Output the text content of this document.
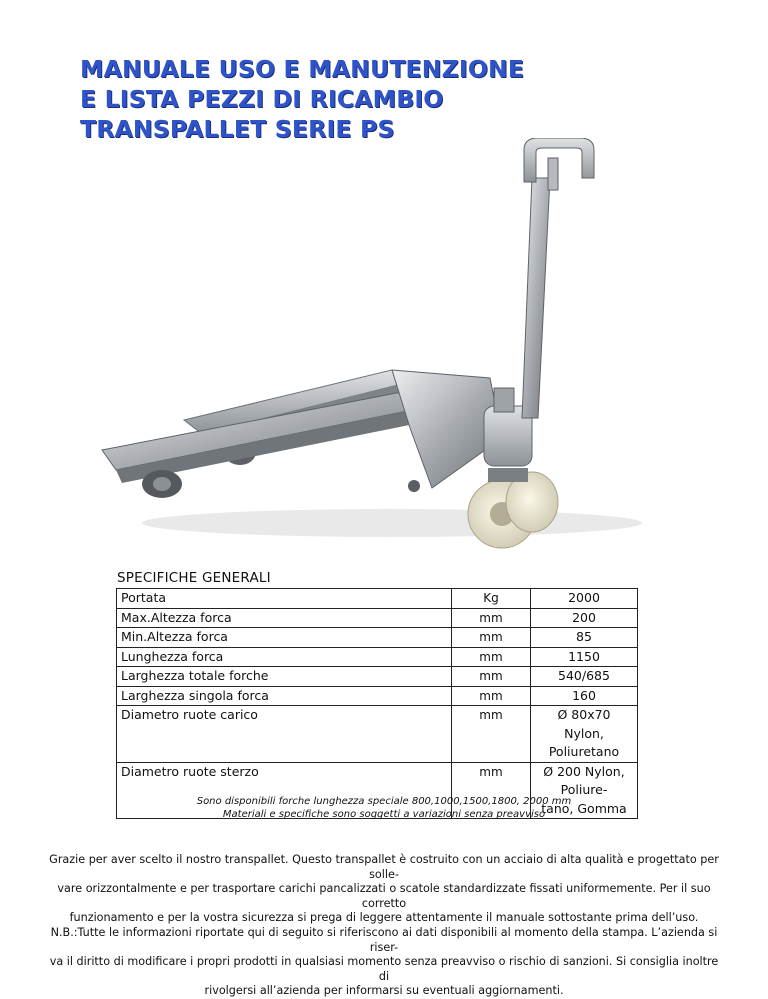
MANUALE USO E MANUTENZIONE
E LISTA PEZZI DI RICAMBIO
TRANSPALLET SERIE PS
SPECIFICHE GENERALI
Portata		Kg	2000
Max.Altezza forca		mm	200
Min.Altezza forca		mm	85
Lunghezza forca		mm	1150
Larghezza totale forche		mm	540/685
Larghezza singola forca		mm	160
Diametro ruote carico		mm	Ø 80x70
Nylon, Poliuretano

Diametro ruote sterzo		mm	Ø 200 Nylon, Poliure-
tano, Gomma
Sono disponibili forche lunghezza speciale 800,1000,1500,1800, 2000 mm
Materiali e specifiche sono soggetti a variazioni senza preavviso
Grazie per aver scelto il nostro transpallet. Questo transpallet è costruito con un acciaio di alta qualità e progettato per solle-
vare orizzontalmente e per trasportare carichi pancalizzati o scatole standardizzate fissati uniformemente. Per il suo corretto
funzionamento e per la vostra sicurezza si prega di leggere attentamente il manuale sottostante prima dell’uso.
N.B.:Tutte le informazioni riportate qui di seguito si riferiscono ai dati disponibili al momento della stampa. L’azienda si riser-
va il diritto di modificare i propri prodotti in qualsiasi momento senza preavviso o rischio di sanzioni. Si consiglia inoltre di
rivolgersi all’azienda per informarsi su eventuali aggiornamenti.
